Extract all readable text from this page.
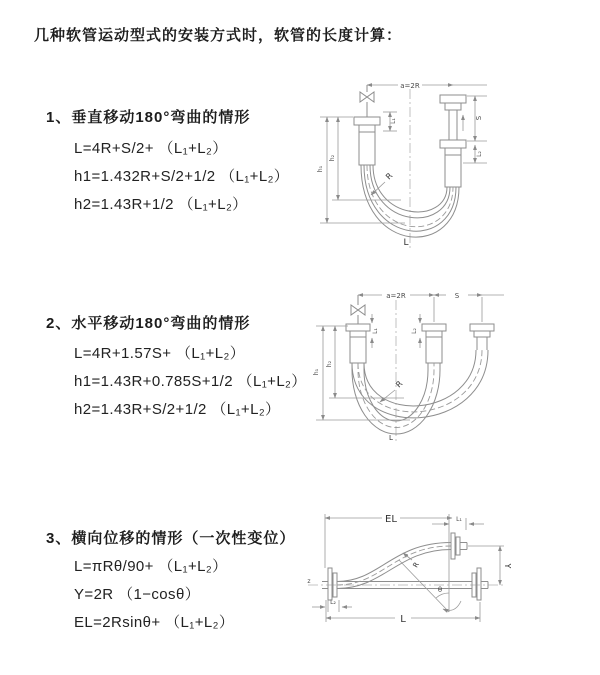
几种软管运动型式的安装方式时，软管的长度计算：
1、垂直移动180°弯曲的情形
L=4R+S/2+ （L₁+L₂）
h1=1.432R+S/2+1/2 （L₁+L₂）
h2=1.43R+1/2 （L₁+L₂）
2、水平移动180°弯曲的情形
L=4R+1.57S+ （L₁+L₂）
h1=1.43R+0.785S+1/2 （L₁+L₂）
h2=1.43R+S/2+1/2 （L₁+L₂）
3、横向位移的情形（一次性变位）
L=πRθ/90+ （L₁+L₂）
Y=2R （1−cosθ）
EL=2Rsinθ+ （L₁+L₂）
a=2R
h₁
h₂
L₁
S
L₂
R
L
a=2R	S
h₁
h₂
L₁	L₂
R
L
z
EL	L₁
θ
R	Y
L₂
L
